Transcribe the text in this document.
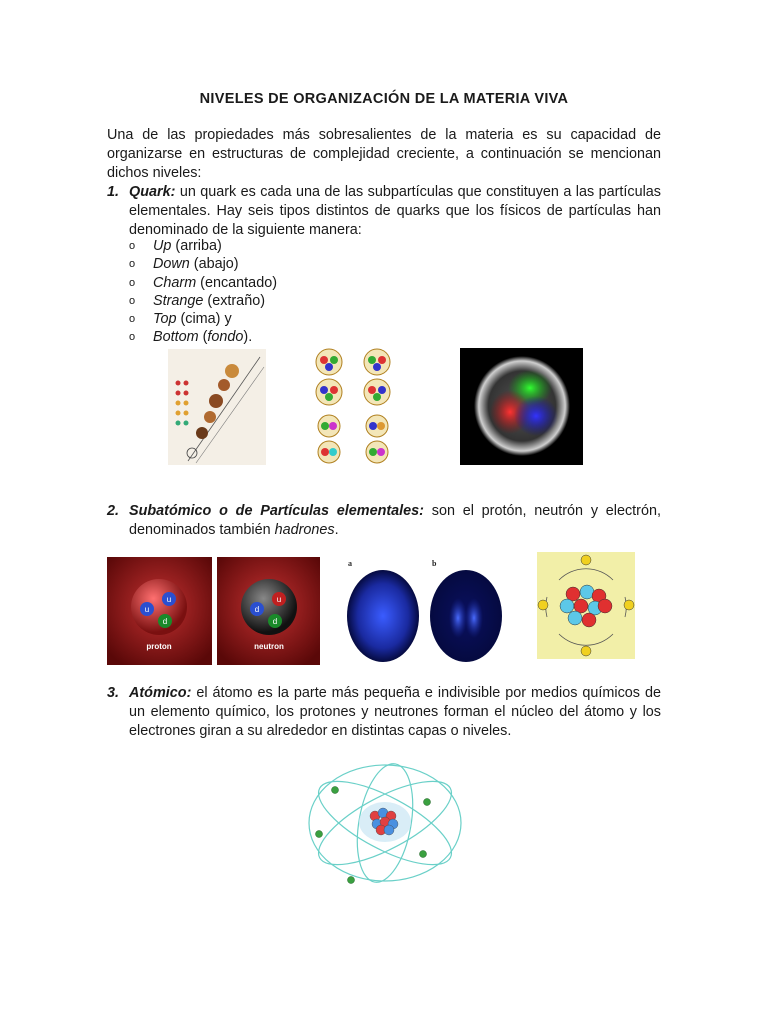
NIVELES DE ORGANIZACIÓN DE LA MATERIA VIVA
Una de las propiedades más sobresalientes de la materia es su capacidad de organizarse en estructuras de complejidad creciente, a continuación se mencionan dichos niveles:
1. Quark: un quark es cada una de las subpartículas que constituyen a las partículas elementales. Hay seis tipos distintos de quarks que los físicos de partículas han denominado de la siguiente manera:
o Up (arriba)
o Down (abajo)
o Charm (encantado)
o Strange (extraño)
o Top (cima) y
o Bottom (fondo).
2. Subatómico o de Partículas elementales: son el protón, neutrón y electrón, denominados también hadrones.
u
u
d
proton
d
u
d
neutron
a	b
3. Atómico: el átomo es la parte más pequeña e indivisible por medios químicos de un elemento químico, los protones y neutrones forman el núcleo del átomo y los electrones giran a su alrededor en distintas capas o niveles.
